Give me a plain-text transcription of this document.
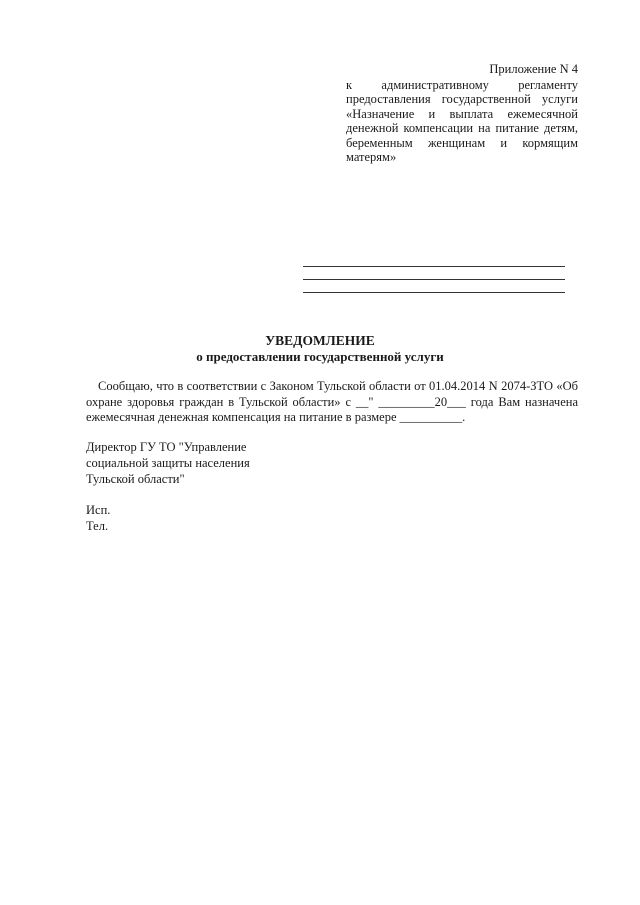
Приложение N 4
к административному регламенту предоставления государственной услуги «Назначение и выплата ежемесячной денежной компенсации на питание детям, беременным женщинам и кормящим матерям»
УВЕДОМЛЕНИЕ
о предоставлении государственной услуги
Сообщаю, что в соответствии с Законом Тульской области от 01.04.2014 N 2074-ЗТО «Об охране здоровья граждан в Тульской области» с __" _________20___ года Вам назначена ежемесячная денежная компенсация на питание в размере __________.
Директор ГУ ТО "Управление
социальной защиты населения
Тульской области"
Исп.
Тел.
